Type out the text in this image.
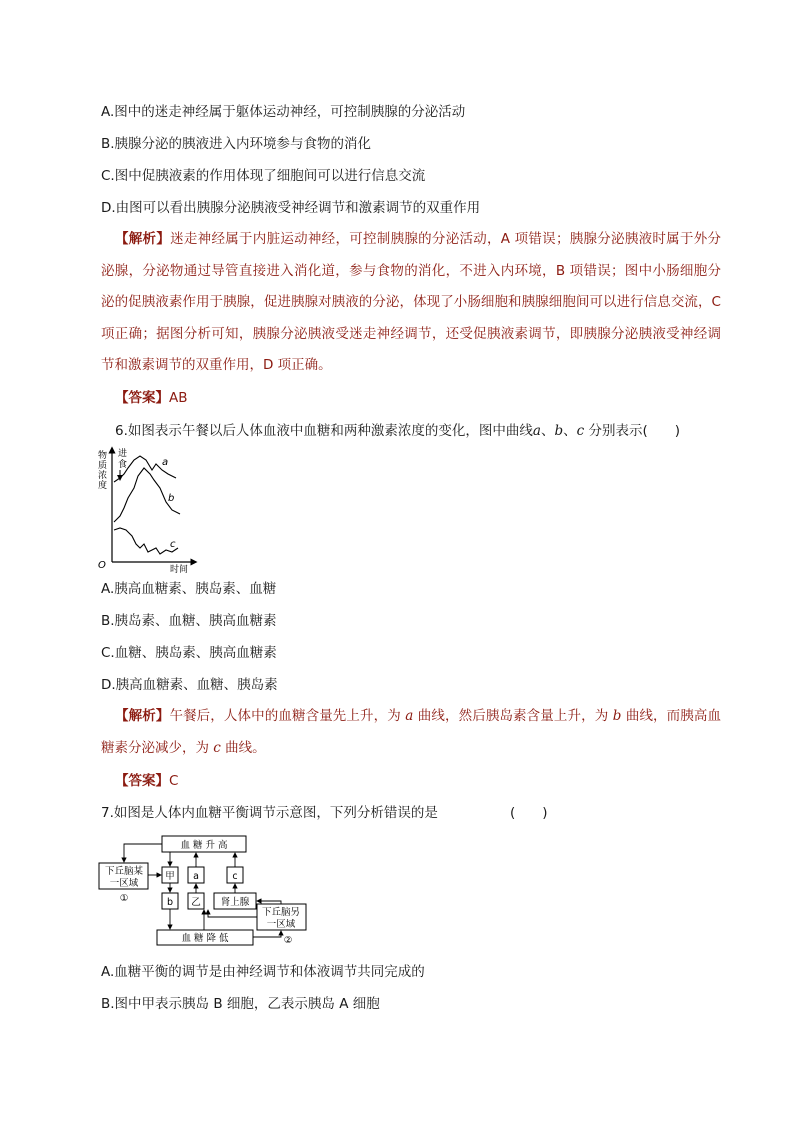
A.图中的迷走神经属于躯体运动神经，可控制胰腺的分泌活动
B.胰腺分泌的胰液进入内环境参与食物的消化
C.图中促胰液素的作用体现了细胞间可以进行信息交流
D.由图可以看出胰腺分泌胰液受神经调节和激素调节的双重作用
【解析】迷走神经属于内脏运动神经，可控制胰腺的分泌活动，A 项错误；胰腺分泌胰液时属于外分泌腺，分泌物通过导管直接进入消化道，参与食物的消化，不进入内环境，B 项错误；图中小肠细胞分泌的促胰液素作用于胰腺，促进胰腺对胰液的分泌，体现了小肠细胞和胰腺细胞间可以进行信息交流，C 项正确；据图分析可知，胰腺分泌胰液受迷走神经调节，还受促胰液素调节，即胰腺分泌胰液受神经调节和激素调节的双重作用，D 项正确。
【答案】AB
6.如图表示午餐以后人体血液中血糖和两种激素浓度的变化，图中曲线a、b、c 分别表示(　　)
物质浓度
O	时间
进
食	a
b
c
A.胰高血糖素、胰岛素、血糖
B.胰岛素、血糖、胰高血糖素
C.血糖、胰岛素、胰高血糖素
D.胰高血糖素、血糖、胰岛素
【解析】午餐后，人体中的血糖含量先上升，为 a 曲线，然后胰岛素含量上升，为 b 曲线，而胰高血糖素分泌减少，为 c 曲线。
【答案】C
7.如图是人体内血糖平衡调节示意图，下列分析错误的是	(　　)
血 糖 升 高
下丘脑某
一区域
①
甲 a	c
b 乙 肾上腺
下丘脑另
一区域
②
血 糖 降 低
A.血糖平衡的调节是由神经调节和体液调节共同完成的
B.图中甲表示胰岛 B 细胞，乙表示胰岛 A 细胞
